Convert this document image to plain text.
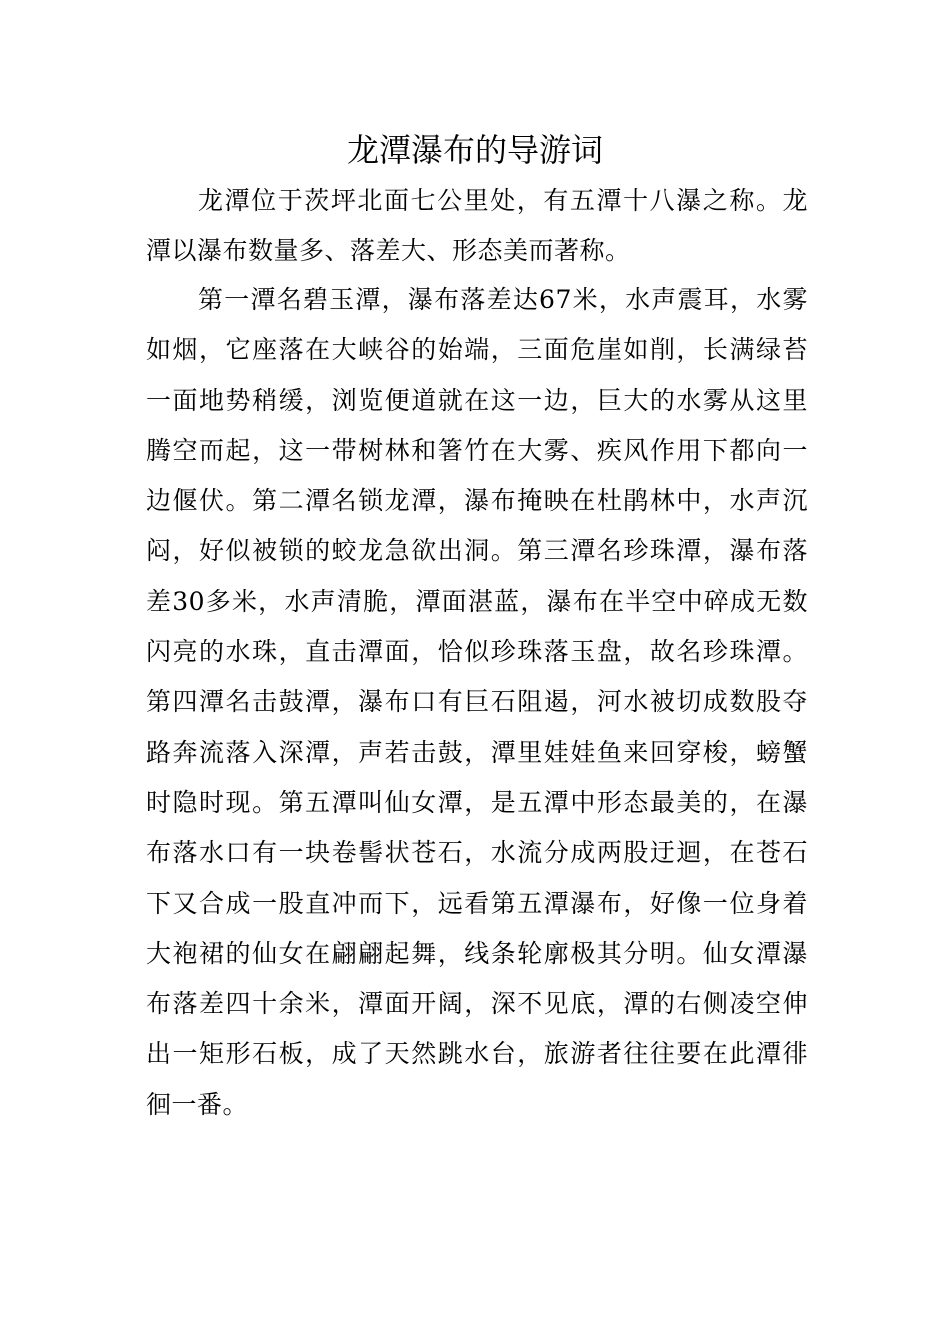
龙潭瀑布的导游词

龙潭位于茨坪北面七公里处，有五潭十八瀑之称。龙潭以瀑布数量多、落差大、形态美而著称。

第一潭名碧玉潭，瀑布落差达67米，水声震耳，水雾如烟，它座落在大峡谷的始端，三面危崖如削，长满绿苔一面地势稍缓，浏览便道就在这一边，巨大的水雾从这里腾空而起，这一带树林和箸竹在大雾、疾风作用下都向一边偃伏。第二潭名锁龙潭，瀑布掩映在杜鹃林中，水声沉闷，好似被锁的蛟龙急欲出洞。第三潭名珍珠潭，瀑布落差30多米，水声清脆，潭面湛蓝，瀑布在半空中碎成无数闪亮的水珠，直击潭面，恰似珍珠落玉盘，故名珍珠潭。第四潭名击鼓潭，瀑布口有巨石阻遏，河水被切成数股夺路奔流落入深潭，声若击鼓，潭里娃娃鱼来回穿梭，螃蟹时隐时现。第五潭叫仙女潭，是五潭中形态最美的，在瀑布落水口有一块卷髻状苍石，水流分成两股迂迴，在苍石下又合成一股直冲而下，远看第五潭瀑布，好像一位身着大袍裙的仙女在翩翩起舞，线条轮廓极其分明。仙女潭瀑布落差四十余米，潭面开阔，深不见底，潭的右侧凌空伸出一矩形石板，成了天然跳水台，旅游者往往要在此潭徘徊一番。
